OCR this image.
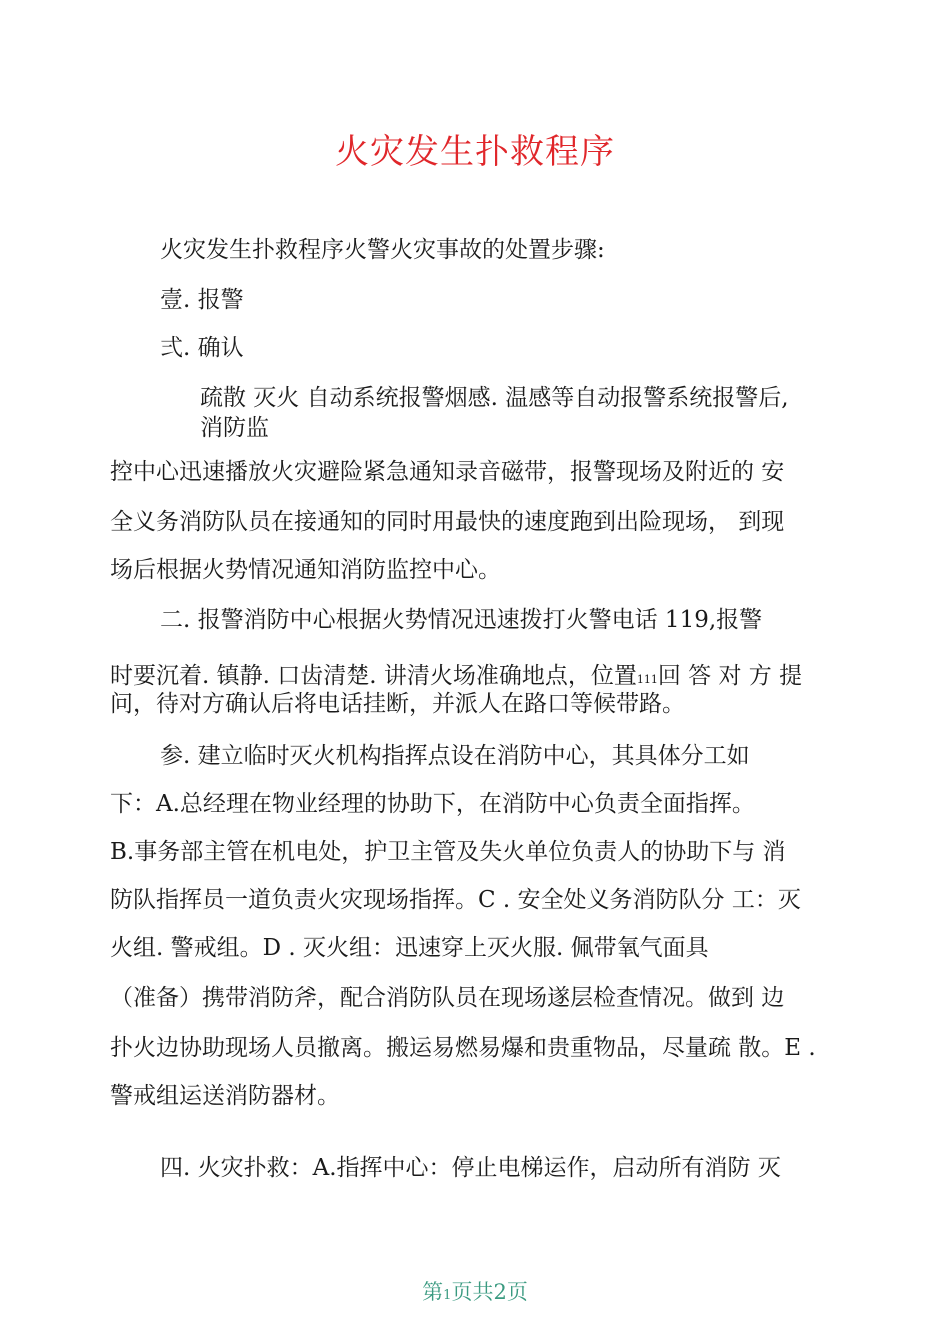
火灾发生扑救程序
火灾发生扑救程序火警火灾事故的处置步骤:
壹. 报警
弍. 确认
疏散 灭火 自动系统报警烟感. 温感等自动报警系统报警后,
消防监
控中心迅速播放火灾避险紧急通知录音磁带，报警现场及附近的 安
全义务消防队员在接通知的同时用最快的速度跑到出险现场， 到现
场后根据火势情况通知消防监控中心。
二. 报警消防中心根据火势情况迅速拨打火警电话 119,报警
时要沉着. 镇静. 口齿清楚. 讲清火场准确地点，位置111回 答 对 方 提
问，待对方确认后将电话挂断，并派人在路口等候带路。
参. 建立临时灭火机构指挥点设在消防中心，其具体分工如
下：A.总经理在物业经理的协助下，在消防中心负责全面指挥。
B.事务部主管在机电处，护卫主管及失火单位负责人的协助下与 消
防队指挥员一道负责火灾现场指挥。C . 安全处义务消防队分 工：灭
火组. 警戒组。D . 灭火组：迅速穿上灭火服. 佩带氧气面具
（准备）携带消防斧，配合消防队员在现场遂层检查情况。做到 边
扑火边协助现场人员撤离。搬运易燃易爆和贵重物品，尽量疏 散。E .
警戒组运送消防器材。
四. 火灾扑救：A.指挥中心：停止电梯运作，启动所有消防 灭
第1页共2页
